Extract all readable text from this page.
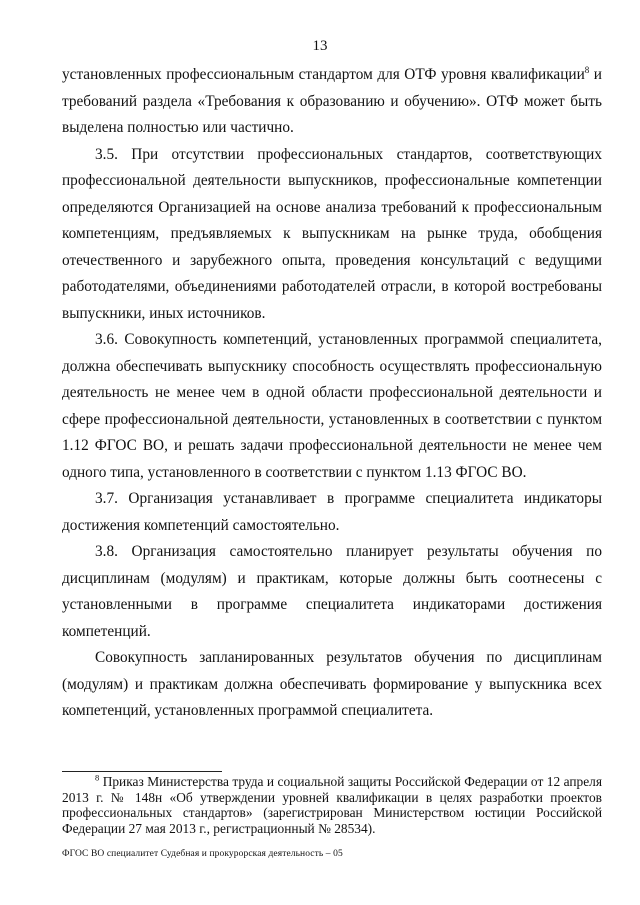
13

установленных профессиональным стандартом для ОТФ уровня квалификации$^8$ и требований раздела «Требования к образованию и обучению». ОТФ может быть выделена полностью или частично.

3.5. При отсутствии профессиональных стандартов, соответствующих профессиональной деятельности выпускников, профессиональные компетенции определяются Организацией на основе анализа требований к профессиональным компетенциям, предъявляемых к выпускникам на рынке труда, обобщения отечественного и зарубежного опыта, проведения консультаций с ведущими работодателями, объединениями работодателей отрасли, в которой востребованы выпускники, иных источников.

3.6. Совокупность компетенций, установленных программой специалитета, должна обеспечивать выпускнику способность осуществлять профессиональную деятельность не менее чем в одной области профессиональной деятельности и сфере профессиональной деятельности, установленных в соответствии с пунктом 1.12 ФГОС ВО, и решать задачи профессиональной деятельности не менее чем одного типа, установленного в соответствии с пунктом 1.13 ФГОС ВО.

3.7. Организация устанавливает в программе специалитета индикаторы достижения компетенций самостоятельно.

3.8. Организация самостоятельно планирует результаты обучения по дисциплинам (модулям) и практикам, которые должны быть соотнесены с установленными в программе специалитета индикаторами достижения компетенций.

Совокупность запланированных результатов обучения по дисциплинам (модулям) и практикам должна обеспечивать формирование у выпускника всех компетенций, установленных программой специалитета.

$^8$ Приказ Министерства труда и социальной защиты Российской Федерации от 12 апреля 2013 г. № 148н «Об утверждении уровней квалификации в целях разработки проектов профессиональных стандартов» (зарегистрирован Министерством юстиции Российской Федерации 27 мая 2013 г., регистрационный № 28534).
ФГОС ВО специалитет Судебная и прокурорская деятельность – 05
